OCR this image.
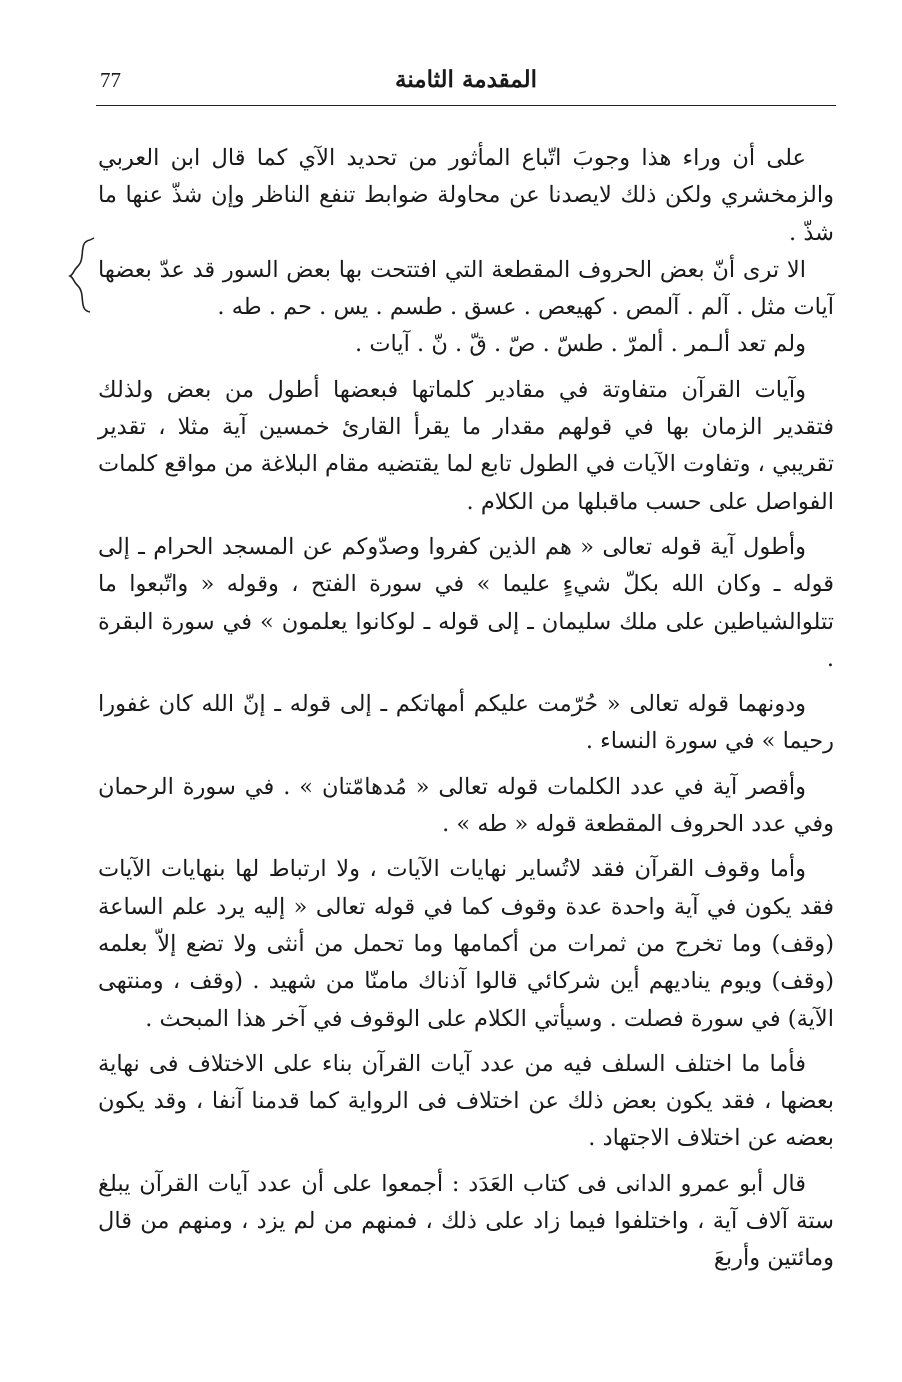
77	المقدمة الثامنة

على أن وراء هذا وجوبَ اتّباع المأثور من تحديد الآي كما قال ابن العربي والزمخشري ولكن ذلك لايصدنا عن محاولة ضوابط تنفع الناظر وإن شذّ عنها ما شذّ .

الا ترى أنّ بعض الحروف المقطعة التي افتتحت بها بعض السور قد عدّ بعضها آيات مثل . آلم . آلمص . كهيعص . عسق . طسم . يس . حم . طه .

ولم تعد ألـمر . ألمرّ . طسّ . صّ . قّ . نّ . آيات .

وآيات القرآن متفاوتة في مقادير كلماتها فبعضها أطول من بعض ولذلك فتقدير الزمان بها في قولهم مقدار ما يقرأ القارئ خمسين آية مثلا ، تقدير تقريبي ، وتفاوت الآيات في الطول تابع لما يقتضيه مقام البلاغة من مواقع كلمات الفواصل على حسب ماقبلها من الكلام .

وأطول آية قوله تعالى « هم الذين كفروا وصدّوكم عن المسجد الحرام ـ إلى قوله ـ وكان الله بكلّ شيءٍ عليما » في سورة الفتح ، وقوله « واتّبعوا ما تتلوالشياطين على ملك سليمان ـ إلى قوله ـ لوكانوا يعلمون » في سورة البقرة .

ودونهما قوله تعالى « حُرّمت عليكم أمهاتكم ـ إلى قوله ـ إنّ الله كان غفورا رحيما » في سورة النساء .

وأقصر آية في عدد الكلمات قوله تعالى « مُدهامّتان » . في سورة الرحمان وفي عدد الحروف المقطعة قوله « طه » .

وأما وقوف القرآن فقد لاتُساير نهايات الآيات ، ولا ارتباط لها بنهايات الآيات فقد يكون في آية واحدة عدة وقوف كما في قوله تعالى « إليه يرد علم الساعة (وقف) وما تخرج من ثمرات من أكمامها وما تحمل من أنثى ولا تضع إلاّ بعلمه (وقف) ويوم يناديهم أين شركائي قالوا آذناك مامنّا من شهيد . (وقف ، ومنتهى الآية) في سورة فصلت . وسيأتي الكلام على الوقوف في آخر هذا المبحث .

فأما ما اختلف السلف فيه من عدد آيات القرآن بناء على الاختلاف فى نهاية بعضها ، فقد يكون بعض ذلك عن اختلاف فى الرواية كما قدمنا آنفا ، وقد يكون بعضه عن اختلاف الاجتهاد .

قال أبو عمرو الدانى فى كتاب العَدَد : أجمعوا على أن عدد آيات القرآن يبلغ ستة آلاف آية ، واختلفوا فيما زاد على ذلك ، فمنهم من لم يزد ، ومنهم من قال ومائتين وأربعَ
